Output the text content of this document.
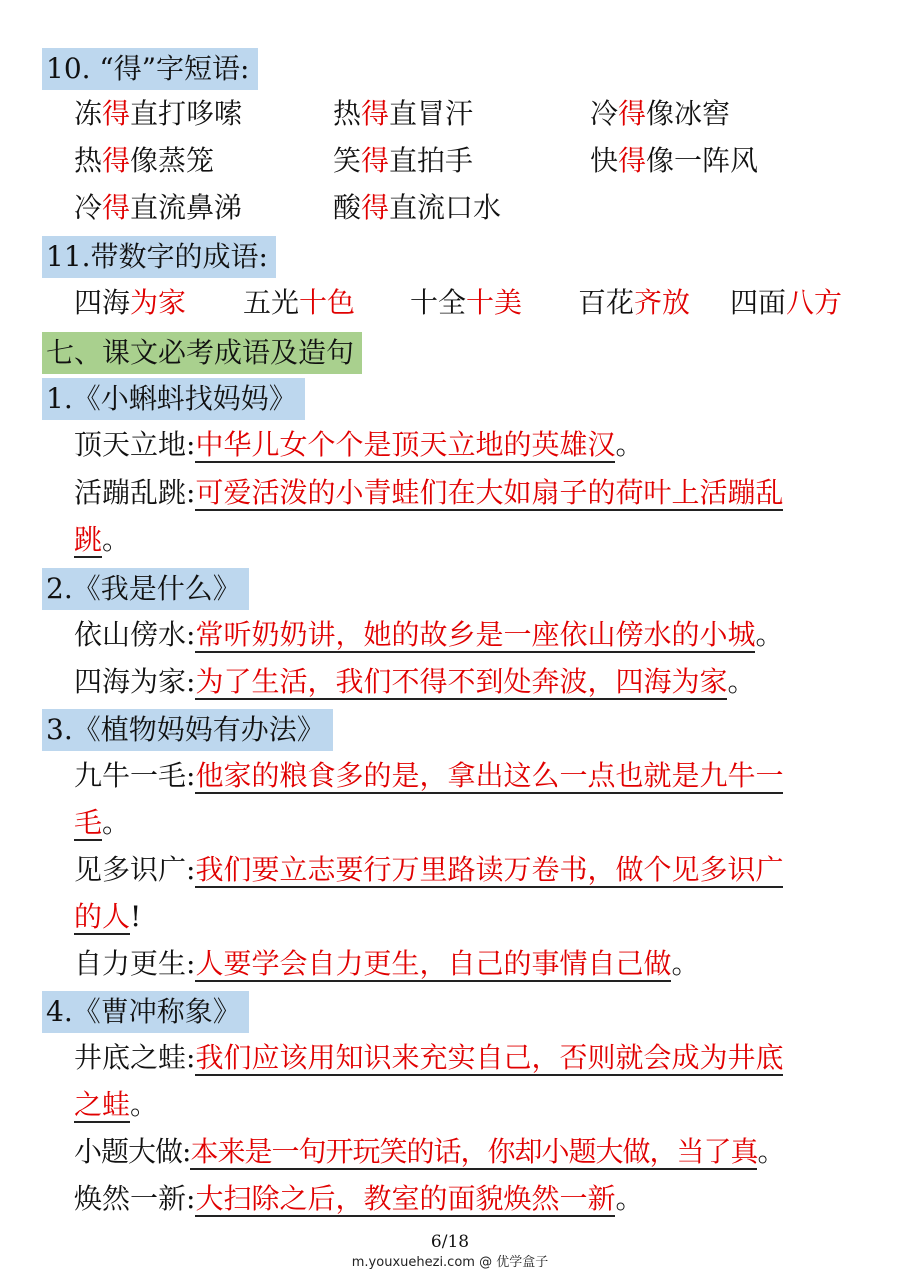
10. “得”字短语:
冻得直打哆嗦	热得直冒汗	冷得像冰窖
热得像蒸笼	笑得直拍手	快得像一阵风
冷得直流鼻涕	酸得直流口水
11.带数字的成语:
四海为家 五光十色 十全十美 百花齐放 四面八方
七、课文必考成语及造句
1.《小蝌蚪找妈妈》
顶天立地:中华儿女个个是顶天立地的英雄汉。
活蹦乱跳:可爱活泼的小青蛙们在大如扇子的荷叶上活蹦乱
跳。
2.《我是什么》
依山傍水:常听奶奶讲，她的故乡是一座依山傍水的小城。
四海为家:为了生活，我们不得不到处奔波，四海为家。
3.《植物妈妈有办法》
九牛一毛:他家的粮食多的是，拿出这么一点也就是九牛一
毛。
见多识广:我们要立志要行万里路读万卷书，做个见多识广
的人!
自力更生:人要学会自力更生，自己的事情自己做。
4.《曹冲称象》
井底之蛙:我们应该用知识来充实自己，否则就会成为井底
之蛙。
小题大做:本来是一句开玩笑的话，你却小题大做，当了真。
焕然一新:大扫除之后，教室的面貌焕然一新。
6/18
m.youxuehezi.com @ 优学盒子
